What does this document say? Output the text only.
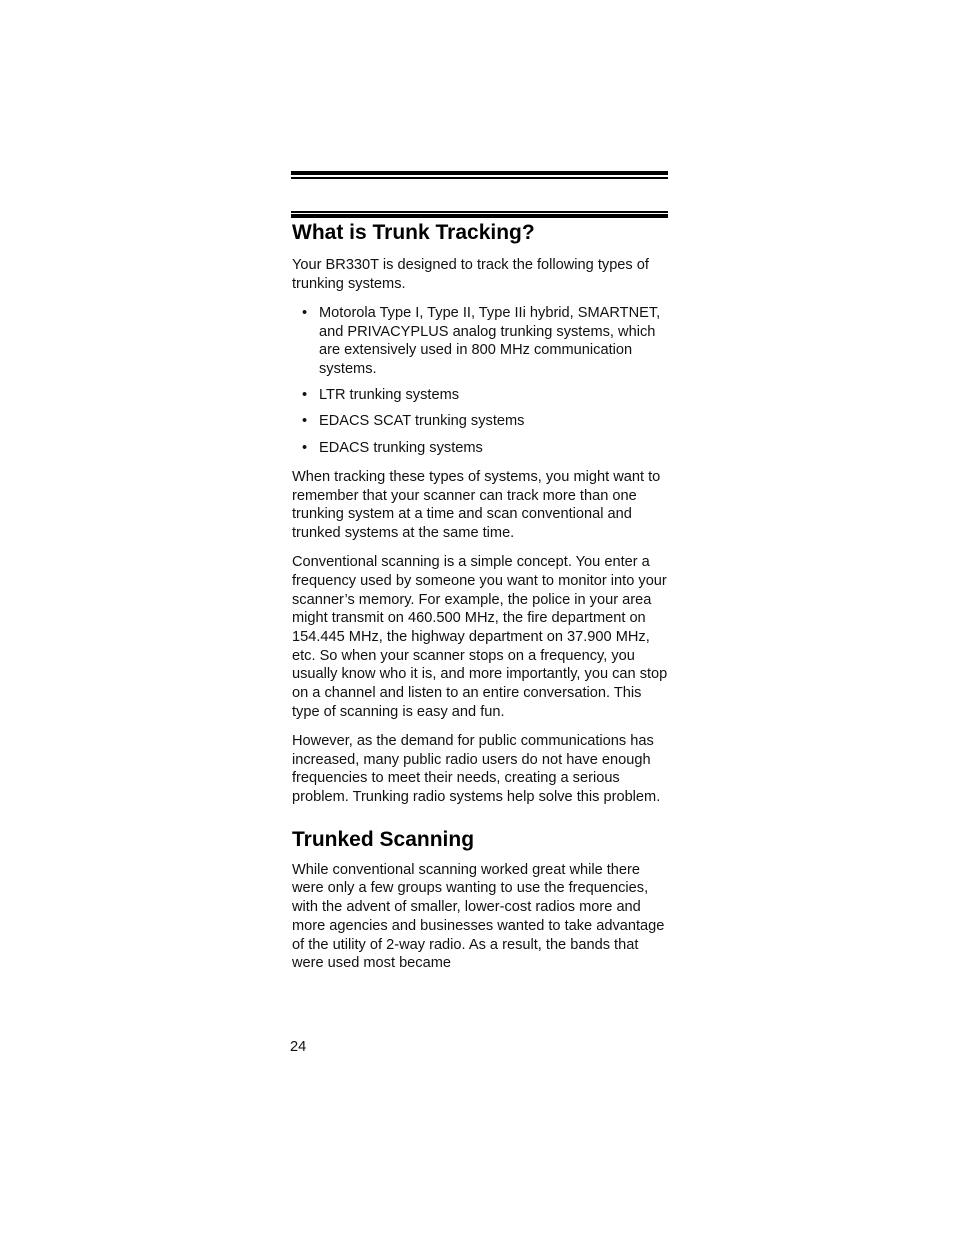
What is Trunk Tracking?

Your BR330T is designed to track the following types of trunking systems.

• Motorola Type I, Type II, Type IIi hybrid, SMARTNET, and PRIVACYPLUS analog trunking systems, which are extensively used in 800 MHz communication systems.
• LTR trunking systems
• EDACS SCAT trunking systems
• EDACS trunking systems

When tracking these types of systems, you might want to remember that your scanner can track more than one trunking system at a time and scan conventional and trunked systems at the same time.

Conventional scanning is a simple concept. You enter a frequency used by someone you want to monitor into your scanner’s memory. For example, the police in your area might transmit on 460.500 MHz, the fire department on 154.445 MHz, the highway department on 37.900 MHz, etc. So when your scanner stops on a frequency, you usually know who it is, and more importantly, you can stop on a channel and listen to an entire conversation. This type of scanning is easy and fun.

However, as the demand for public communications has increased, many public radio users do not have enough frequencies to meet their needs, creating a serious problem. Trunking radio systems help solve this problem.

Trunked Scanning

While conventional scanning worked great while there were only a few groups wanting to use the frequencies, with the advent of smaller, lower-cost radios more and more agencies and businesses wanted to take advantage of the utility of 2-way radio. As a result, the bands that were used most became

24
